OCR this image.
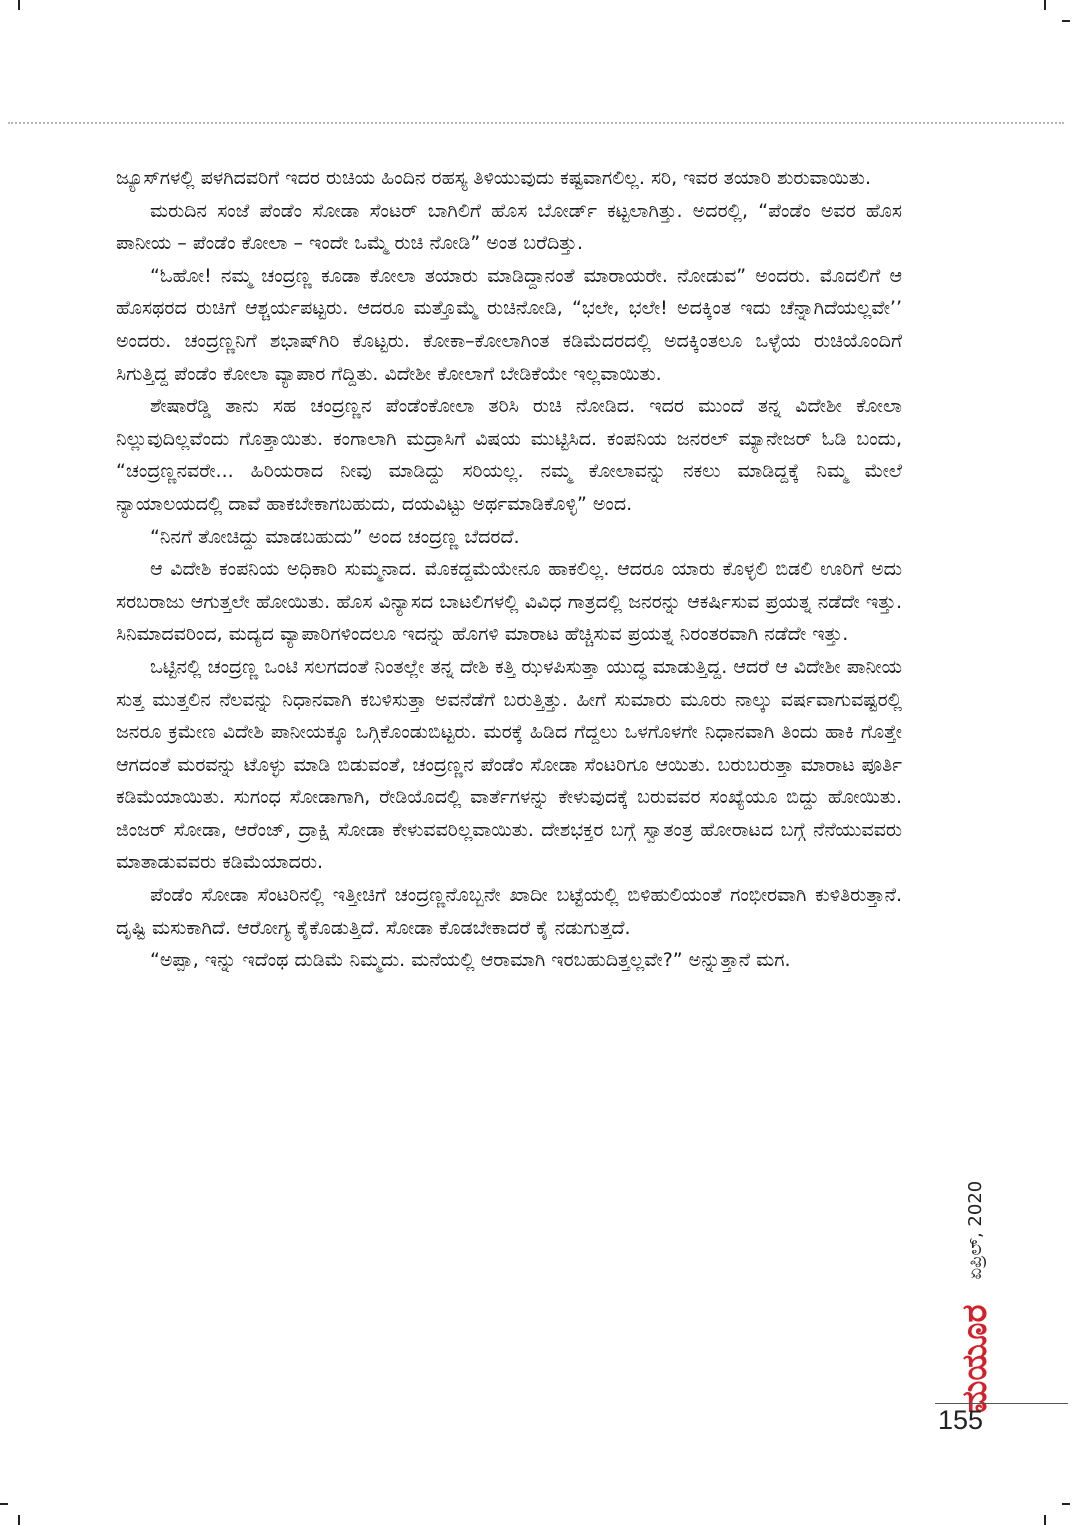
ಜ್ಯೂಸ್‌ಗಳಲ್ಲಿ ಪಳಗಿದವರಿಗೆ ಇದರ ರುಚಿಯ ಹಿಂದಿನ ರಹಸ್ಯ ತಿಳಿಯುವುದು ಕಷ್ಟವಾಗಲಿಲ್ಲ. ಸರಿ, ಇವರ ತಯಾರಿ ಶುರುವಾಯಿತು.

ಮರುದಿನ ಸಂಜೆ ಪೆಂಡೆಂ ಸೋಡಾ ಸೆಂಟರ್ ಬಾಗಿಲಿಗೆ ಹೊಸ ಬೋರ್ಡ್ ಕಟ್ಟಲಾಗಿತ್ತು. ಅದರಲ್ಲಿ, “ಪೆಂಡೆಂ ಅವರ ಹೊಸ ಪಾನೀಯ – ಪೆಂಡೆಂ ಕೋಲಾ – ಇಂದೇ ಒಮ್ಮೆ ರುಚಿ ನೋಡಿ” ಅಂತ ಬರೆದಿತ್ತು.

“ಓಹೋ! ನಮ್ಮ ಚಂದ್ರಣ್ಣ ಕೂಡಾ ಕೋಲಾ ತಯಾರು ಮಾಡಿದ್ದಾನಂತೆ ಮಾರಾಯರೇ. ನೋಡುವ” ಅಂದರು. ಮೊದಲಿಗೆ ಆ ಹೊಸಥರದ ರುಚಿಗೆ ಆಶ್ಚರ್ಯಪಟ್ಟರು. ಆದರೂ ಮತ್ತೊಮ್ಮೆ ರುಚಿನೋಡಿ, “ಭಲೇ, ಭಲೇ! ಅದಕ್ಕಿಂತ ಇದು ಚೆನ್ನಾಗಿದೆಯಲ್ಲವೇ’’ ಅಂದರು. ಚಂದ್ರಣ್ಣನಿಗೆ ಶಭಾಷ್‌ಗಿರಿ ಕೊಟ್ಟರು. ಕೋಕಾ–ಕೋಲಾಗಿಂತ ಕಡಿಮೆದರದಲ್ಲಿ ಅದಕ್ಕಿಂತಲೂ ಒಳ್ಳೆಯ ರುಚಿಯೊಂದಿಗೆ ಸಿಗುತ್ತಿದ್ದ ಪೆಂಡೆಂ ಕೋಲಾ ವ್ಯಾಪಾರ ಗೆದ್ದಿತು. ವಿದೇಶೀ ಕೋಲಾಗೆ ಬೇಡಿಕೆಯೇ ಇಲ್ಲವಾಯಿತು.

ಶೇಷಾರೆಡ್ಡಿ ತಾನು ಸಹ ಚಂದ್ರಣ್ಣನ ಪೆಂಡೆಂಕೋಲಾ ತರಿಸಿ ರುಚಿ ನೋಡಿದ. ಇದರ ಮುಂದೆ ತನ್ನ ವಿದೇಶೀ ಕೋಲಾ ನಿಲ್ಲುವುದಿಲ್ಲವೆಂದು ಗೊತ್ತಾಯಿತು. ಕಂಗಾಲಾಗಿ ಮದ್ರಾಸಿಗೆ ವಿಷಯ ಮುಟ್ಟಿಸಿದ. ಕಂಪನಿಯ ಜನರಲ್ ಮ್ಯಾನೇಜರ್ ಓಡಿ ಬಂದು, “ಚಂದ್ರಣ್ಣನವರೇ... ಹಿರಿಯರಾದ ನೀವು ಮಾಡಿದ್ದು ಸರಿಯಲ್ಲ. ನಮ್ಮ ಕೋಲಾವನ್ನು ನಕಲು ಮಾಡಿದ್ದಕ್ಕೆ ನಿಮ್ಮ ಮೇಲೆ ನ್ಯಾಯಾಲಯದಲ್ಲಿ ದಾವೆ ಹಾಕಬೇಕಾಗಬಹುದು, ದಯವಿಟ್ಟು ಅರ್ಥಮಾಡಿಕೊಳ್ಳಿ” ಅಂದ.

“ನಿನಗೆ ತೋಚಿದ್ದು ಮಾಡಬಹುದು” ಅಂದ ಚಂದ್ರಣ್ಣ ಬೆದರದೆ.

ಆ ವಿದೇಶಿ ಕಂಪನಿಯ ಅಧಿಕಾರಿ ಸುಮ್ಮನಾದ. ಮೊಕದ್ದಮೆಯೇನೂ ಹಾಕಲಿಲ್ಲ. ಆದರೂ ಯಾರು ಕೊಳ್ಳಲಿ ಬಿಡಲಿ ಊರಿಗೆ ಅದು ಸರಬರಾಜು ಆಗುತ್ತಲೇ ಹೋಯಿತು. ಹೊಸ ವಿನ್ಯಾಸದ ಬಾಟಲಿಗಳಲ್ಲಿ ವಿವಿಧ ಗಾತ್ರದಲ್ಲಿ ಜನರನ್ನು ಆಕರ್ಷಿಸುವ ಪ್ರಯತ್ನ ನಡೆದೇ ಇತ್ತು. ಸಿನಿಮಾದವರಿಂದ, ಮದ್ಯದ ವ್ಯಾಪಾರಿಗಳಿಂದಲೂ ಇದನ್ನು ಹೊಗಳಿ ಮಾರಾಟ ಹೆಚ್ಚಿಸುವ ಪ್ರಯತ್ನ ನಿರಂತರವಾಗಿ ನಡೆದೇ ಇತ್ತು.

ಒಟ್ಟಿನಲ್ಲಿ ಚಂದ್ರಣ್ಣ ಒಂಟಿ ಸಲಗದಂತೆ ನಿಂತಲ್ಲೇ ತನ್ನ ದೇಶಿ ಕತ್ತಿ ಝಳಪಿಸುತ್ತಾ ಯುದ್ಧ ಮಾಡುತ್ತಿದ್ದ. ಆದರೆ ಆ ವಿದೇಶೀ ಪಾನೀಯ ಸುತ್ತ ಮುತ್ತಲಿನ ನೆಲವನ್ನು ನಿಧಾನವಾಗಿ ಕಬಳಿಸುತ್ತಾ ಅವನೆಡೆಗೆ ಬರುತ್ತಿತ್ತು. ಹೀಗೆ ಸುಮಾರು ಮೂರು ನಾಲ್ಕು ವರ್ಷವಾಗುವಷ್ಟರಲ್ಲಿ ಜನರೂ ಕ್ರಮೇಣ ವಿದೇಶಿ ಪಾನೀಯಕ್ಕೂ ಒಗ್ಗಿಕೊಂಡುಬಿಟ್ಟರು. ಮರಕ್ಕೆ ಹಿಡಿದ ಗೆದ್ದಲು ಒಳಗೊಳಗೇ ನಿಧಾನವಾಗಿ ತಿಂದು ಹಾಕಿ ಗೊತ್ತೇ ಆಗದಂತೆ ಮರವನ್ನು ಟೊಳ್ಳು ಮಾಡಿ ಬಿಡುವಂತೆ, ಚಂದ್ರಣ್ಣನ ಪೆಂಡೆಂ ಸೋಡಾ ಸೆಂಟರಿಗೂ ಆಯಿತು. ಬರುಬರುತ್ತಾ ಮಾರಾಟ ಪೂರ್ತಿ ಕಡಿಮೆಯಾಯಿತು. ಸುಗಂಧ ಸೋಡಾಗಾಗಿ, ರೇಡಿಯೊದಲ್ಲಿ ವಾರ್ತೆಗಳನ್ನು ಕೇಳುವುದಕ್ಕೆ ಬರುವವರ ಸಂಖ್ಯೆಯೂ ಬಿದ್ದು ಹೋಯಿತು. ಜಿಂಜರ್ ಸೋಡಾ, ಆರೆಂಜ್, ದ್ರಾಕ್ಷಿ ಸೋಡಾ ಕೇಳುವವರಿಲ್ಲವಾಯಿತು. ದೇಶಭಕ್ತರ ಬಗ್ಗೆ ಸ್ವಾತಂತ್ರ ಹೋರಾಟದ ಬಗ್ಗೆ ನೆನೆಯುವವರು ಮಾತಾಡುವವರು ಕಡಿಮೆಯಾದರು.

ಪೆಂಡೆಂ ಸೋಡಾ ಸೆಂಟರಿನಲ್ಲಿ ಇತ್ತೀಚಿಗೆ ಚಂದ್ರಣ್ಣನೊಬ್ಬನೇ ಖಾದೀ ಬಟ್ಟೆಯಲ್ಲಿ ಬಿಳಿಹುಲಿಯಂತೆ ಗಂಭೀರವಾಗಿ ಕುಳಿತಿರುತ್ತಾನೆ. ದೃಷ್ಟಿ ಮಸುಕಾಗಿದೆ. ಆರೋಗ್ಯ ಕೈಕೊಡುತ್ತಿದೆ. ಸೋಡಾ ಕೊಡಬೇಕಾದರೆ ಕೈ ನಡುಗುತ್ತದೆ.

“ಅಪ್ಪಾ, ಇನ್ನು ಇದೆಂಥ ದುಡಿಮೆ ನಿಮ್ಮದು. ಮನೆಯಲ್ಲಿ ಆರಾಮಾಗಿ ಇರಬಹುದಿತ್ತಲ್ಲವೇ?” ಅನ್ನುತ್ತಾನೆ ಮಗ.

ಮಯೂರ ಏಪ್ರಿಲ್, 2020
155
